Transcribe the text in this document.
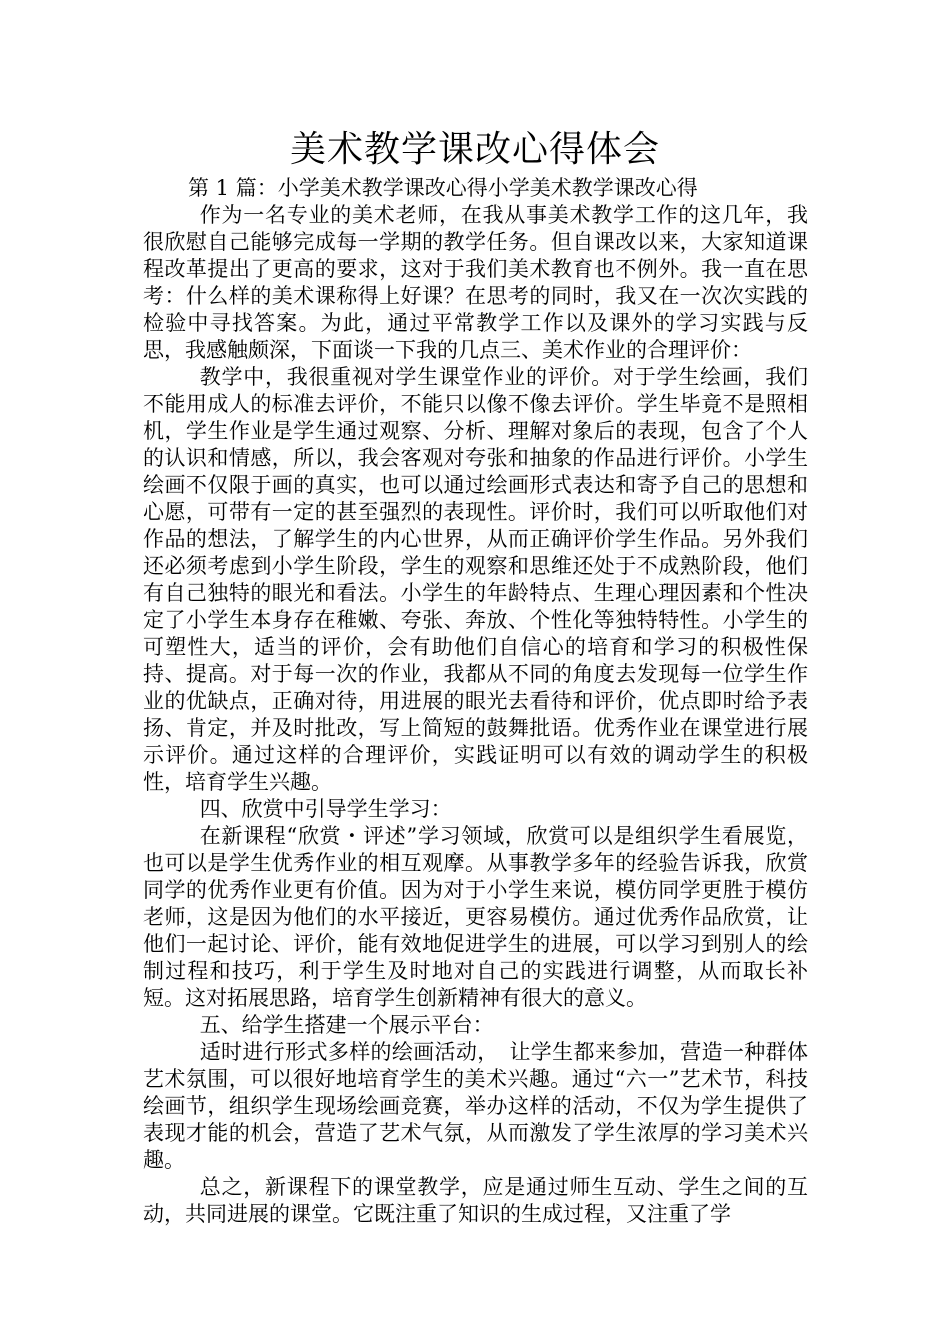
美术教学课改心得体会
第 1 篇：小学美术教学课改心得小学美术教学课改心得

作为一名专业的美术老师，在我从事美术教学工作的这几年，我很欣慰自己能够完成每一学期的教学任务。但自课改以来，大家知道课程改革提出了更高的要求，这对于我们美术教育也不例外。我一直在思考：什么样的美术课称得上好课？在思考的同时，我又在一次次实践的检验中寻找答案。为此，通过平常教学工作以及课外的学习实践与反思，我感触颇深，下面谈一下我的几点三、美术作业的合理评价：

教学中，我很重视对学生课堂作业的评价。对于学生绘画，我们不能用成人的标准去评价，不能只以像不像去评价。学生毕竟不是照相机，学生作业是学生通过观察、分析、理解对象后的表现，包含了个人的认识和情感，所以，我会客观对夸张和抽象的作品进行评价。小学生绘画不仅限于画的真实，也可以通过绘画形式表达和寄予自己的思想和心愿，可带有一定的甚至强烈的表现性。评价时，我们可以听取他们对作品的想法，了解学生的内心世界，从而正确评价学生作品。另外我们还必须考虑到小学生阶段，学生的观察和思维还处于不成熟阶段，他们有自己独特的眼光和看法。小学生的年龄特点、生理心理因素和个性决定了小学生本身存在稚嫩、夸张、奔放、个性化等独特特性。小学生的可塑性大，适当的评价，会有助他们自信心的培育和学习的积极性保持、提高。对于每一次的作业，我都从不同的角度去发现每一位学生作业的优缺点，正确对待，用进展的眼光去看待和评价，优点即时给予表扬、肯定，并及时批改，写上简短的鼓舞批语。优秀作业在课堂进行展示评价。通过这样的合理评价，实践证明可以有效的调动学生的积极性，培育学生兴趣。

四、欣赏中引导学生学习：

在新课程“欣赏・评述”学习领域，欣赏可以是组织学生看展览，也可以是学生优秀作业的相互观摩。从事教学多年的经验告诉我，欣赏同学的优秀作业更有价值。因为对于小学生来说，模仿同学更胜于模仿老师，这是因为他们的水平接近，更容易模仿。通过优秀作品欣赏，让他们一起讨论、评价，能有效地促进学生的进展，可以学习到别人的绘制过程和技巧，利于学生及时地对自己的实践进行调整，从而取长补短。这对拓展思路，培育学生创新精神有很大的意义。

五、给学生搭建一个展示平台：

适时进行形式多样的绘画活动，　让学生都来参加，营造一种群体艺术氛围，可以很好地培育学生的美术兴趣。通过“六一”艺术节，科技绘画节，组织学生现场绘画竞赛，举办这样的活动，不仅为学生提供了表现才能的机会，营造了艺术气氛，从而激发了学生浓厚的学习美术兴趣。

总之，新课程下的课堂教学，应是通过师生互动、学生之间的互动，共同进展的课堂。它既注重了知识的生成过程，又注重了学
